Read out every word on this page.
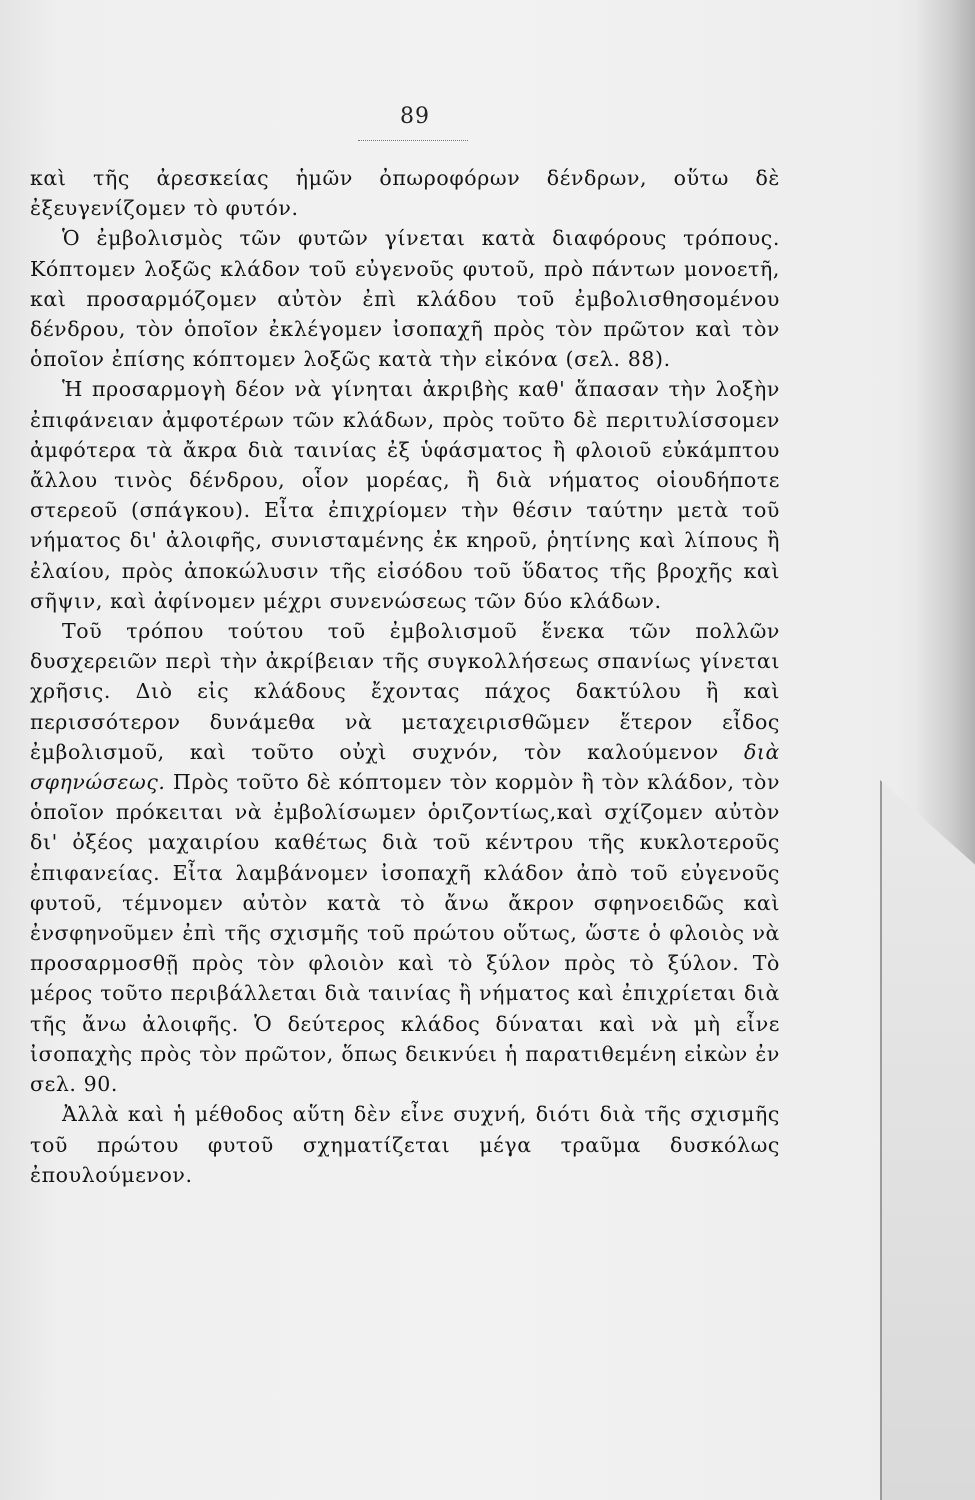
89

καὶ τῆς ἀρεσκείας ἡμῶν ὀπωροφόρων δένδρων, οὕτω δὲ ἐξευγενίζομεν τὸ φυτόν.

Ὁ ἐμβολισμὸς τῶν φυτῶν γίνεται κατὰ διαφόρους τρόπους. Κόπτομεν λοξῶς κλάδον τοῦ εὐγενοῦς φυτοῦ, πρὸ πάντων μονοετῆ, καὶ προσαρμόζομεν αὐτὸν ἐπὶ κλάδου τοῦ ἐμβολισθησομένου δένδρου, τὸν ὁποῖον ἐκλέγομεν ἰσοπαχῆ πρὸς τὸν πρῶτον καὶ τὸν ὁποῖον ἐπίσης κόπτομεν λοξῶς κατὰ τὴν εἰκόνα (σελ. 88).

Ἡ προσαρμογὴ δέον νὰ γίνηται ἀκριβὴς καθ' ἅπασαν τὴν λοξὴν ἐπιφάνειαν ἀμφοτέρων τῶν κλάδων, πρὸς τοῦτο δὲ περιτυλίσσομεν ἀμφότερα τὰ ἄκρα διὰ ταινίας ἐξ ὑφάσματος ἢ φλοιοῦ εὐκάμπτου ἄλλου τινὸς δένδρου, οἷον μορέας, ἢ διὰ νήματος οἱουδήποτε στερεοῦ (σπάγκου). Εἶτα ἐπιχρίομεν τὴν θέσιν ταύτην μετὰ τοῦ νήματος δι' ἀλοιφῆς, συνισταμένης ἐκ κηροῦ, ῥητίνης καὶ λίπους ἢ ἐλαίου, πρὸς ἀποκώλυσιν τῆς εἰσόδου τοῦ ὕδατος τῆς βροχῆς καὶ σῆψιν, καὶ ἀφίνομεν μέχρι συνενώσεως τῶν δύο κλάδων.

Τοῦ τρόπου τούτου τοῦ ἐμβολισμοῦ ἕνεκα τῶν πολλῶν δυσχερειῶν περὶ τὴν ἀκρίβειαν τῆς συγκολλήσεως σπανίως γίνεται χρῆσις. Διὸ εἰς κλάδους ἔχοντας πάχος δακτύλου ἢ καὶ περισσότερον δυνάμεθα νὰ μεταχειρισθῶμεν ἕτερον εἶδος ἐμβολισμοῦ, καὶ τοῦτο οὐχὶ συχνόν, τὸν καλούμενον διὰ σφηνώσεως. Πρὸς τοῦτο δὲ κόπτομεν τὸν κορμὸν ἢ τὸν κλάδον, τὸν ὁποῖον πρόκειται νὰ ἐμβολίσωμεν ὁριζοντίως,καὶ σχίζομεν αὐτὸν δι' ὀξέος μαχαιρίου καθέτως διὰ τοῦ κέντρου τῆς κυκλοτεροῦς ἐπιφανείας. Εἶτα λαμβάνομεν ἰσοπαχῆ κλάδον ἀπὸ τοῦ εὐγενοῦς φυτοῦ, τέμνομεν αὐτὸν κατὰ τὸ ἄνω ἄκρον σφηνοειδῶς καὶ ἐνσφηνοῦμεν ἐπὶ τῆς σχισμῆς τοῦ πρώτου οὕτως, ὥστε ὁ φλοιὸς νὰ προσαρμοσθῇ πρὸς τὸν φλοιὸν καὶ τὸ ξύλον πρὸς τὸ ξύλον. Τὸ μέρος τοῦτο περιβάλλεται διὰ ταινίας ἢ νήματος καὶ ἐπιχρίεται διὰ τῆς ἄνω ἀλοιφῆς. Ὁ δεύτερος κλάδος δύναται καὶ νὰ μὴ εἶνε ἰσοπαχὴς πρὸς τὸν πρῶτον, ὅπως δεικνύει ἡ παρατιθεμένη εἰκὼν ἐν σελ. 90.

Ἀλλὰ καὶ ἡ μέθοδος αὕτη δὲν εἶνε συχνή, διότι διὰ τῆς σχισμῆς τοῦ πρώτου φυτοῦ σχηματίζεται μέγα τραῦμα δυσκόλως ἐπουλούμενον.
